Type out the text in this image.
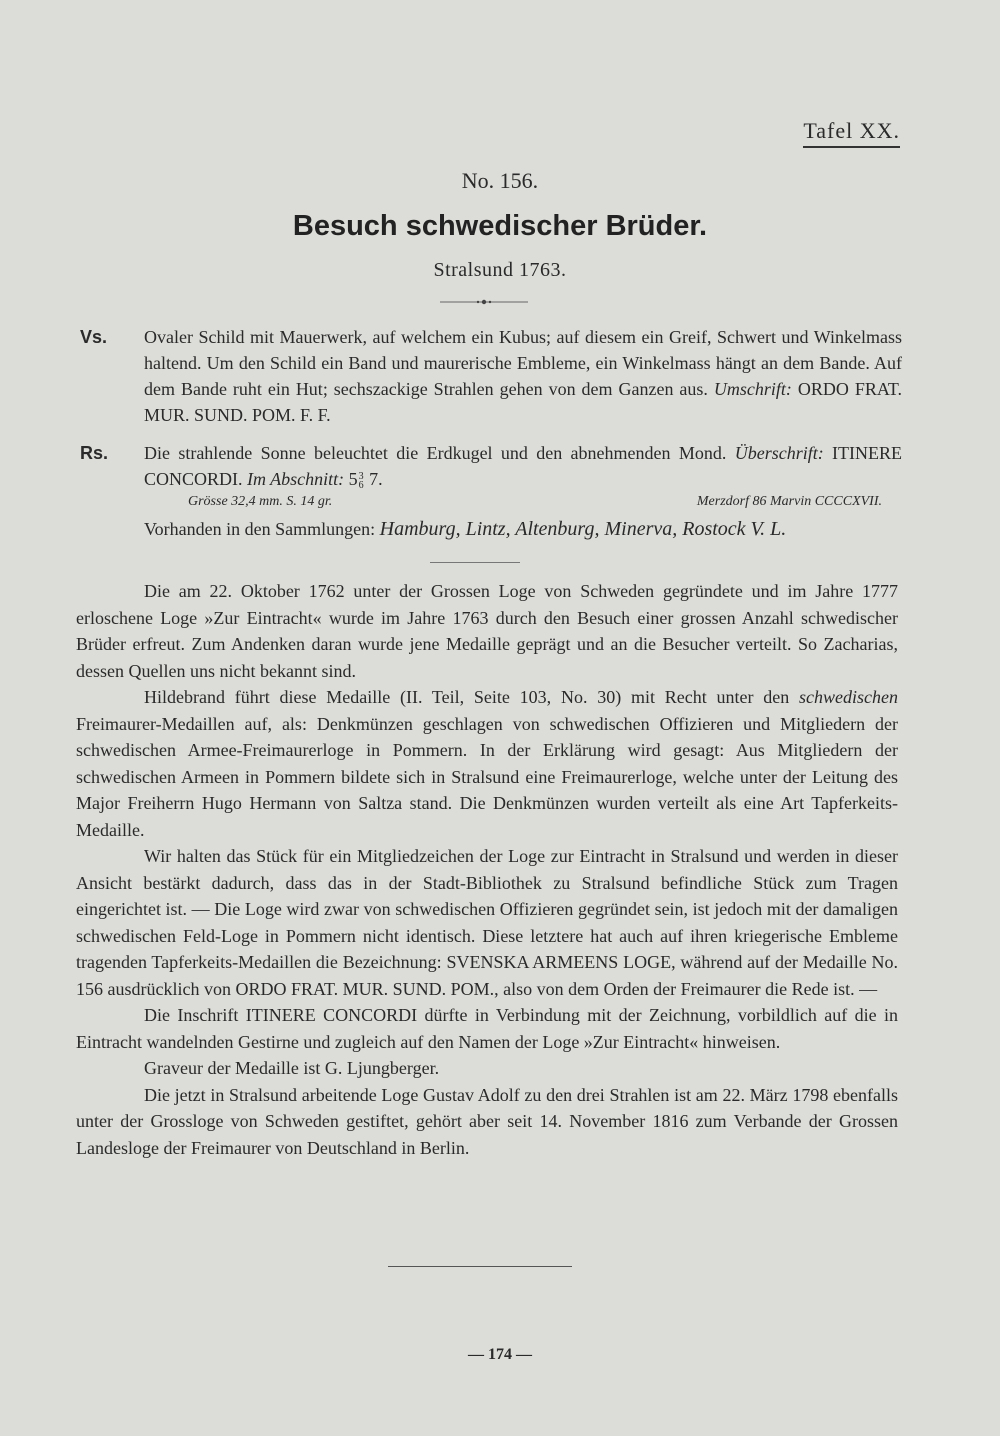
Tafel XX.
No. 156.
Besuch schwedischer Brüder.
Stralsund 1763.
Vs. Ovaler Schild mit Mauerwerk, auf welchem ein Kubus; auf diesem ein Greif, Schwert und Winkelmass haltend. Um den Schild ein Band und maurerische Embleme, ein Winkelmass hängt an dem Bande. Auf dem Bande ruht ein Hut; sechszackige Strahlen gehen von dem Ganzen aus. Umschrift: ORDO FRAT. MUR. SUND. POM. F. F.
Rs. Die strahlende Sonne beleuchtet die Erdkugel und den abnehmenden Mond. Überschrift: ITINERE CONCORDI. Im Abschnitt: 5 3
6 7.
Grösse 32,4 mm. S. 14 gr.	Merzdorf 86 Marvin CCCCXVII.
Vorhanden in den Sammlungen: Hamburg, Lintz, Altenburg, Minerva, Rostock V. L.

Die am 22. Oktober 1762 unter der Grossen Loge von Schweden gegründete und im Jahre 1777 erloschene Loge »Zur Eintracht« wurde im Jahre 1763 durch den Besuch einer grossen Anzahl schwedischer Brüder erfreut. Zum Andenken daran wurde jene Medaille geprägt und an die Besucher verteilt. So Zacharias, dessen Quellen uns nicht bekannt sind.

Hildebrand führt diese Medaille (II. Teil, Seite 103, No. 30) mit Recht unter den schwedischen Freimaurer-Medaillen auf, als: Denkmünzen geschlagen von schwedischen Offizieren und Mitgliedern der schwedischen Armee-Freimaurerloge in Pommern. In der Erklärung wird gesagt: Aus Mitgliedern der schwedischen Armeen in Pommern bildete sich in Stralsund eine Freimaurerloge, welche unter der Leitung des Major Freiherrn Hugo Hermann von Saltza stand. Die Denkmünzen wurden verteilt als eine Art Tapferkeits-Medaille.

Wir halten das Stück für ein Mitgliedzeichen der Loge zur Eintracht in Stralsund und werden in dieser Ansicht bestärkt dadurch, dass das in der Stadt-Bibliothek zu Stralsund befindliche Stück zum Tragen eingerichtet ist. — Die Loge wird zwar von schwedischen Offizieren gegründet sein, ist jedoch mit der damaligen schwedischen Feld-Loge in Pommern nicht identisch. Diese letztere hat auch auf ihren kriegerische Embleme tragenden Tapferkeits-Medaillen die Bezeichnung: SVENSKA ARMEENS LOGE, während auf der Medaille No. 156 ausdrücklich von ORDO FRAT. MUR. SUND. POM., also von dem Orden der Freimaurer die Rede ist. —

Die Inschrift ITINERE CONCORDI dürfte in Verbindung mit der Zeichnung, vorbildlich auf die in Eintracht wandelnden Gestirne und zugleich auf den Namen der Loge »Zur Eintracht« hinweisen.

Graveur der Medaille ist G. Ljungberger.

Die jetzt in Stralsund arbeitende Loge Gustav Adolf zu den drei Strahlen ist am 22. März 1798 ebenfalls unter der Grossloge von Schweden gestiftet, gehört aber seit 14. November 1816 zum Verbande der Grossen Landesloge der Freimaurer von Deutschland in Berlin.

— 174 —
